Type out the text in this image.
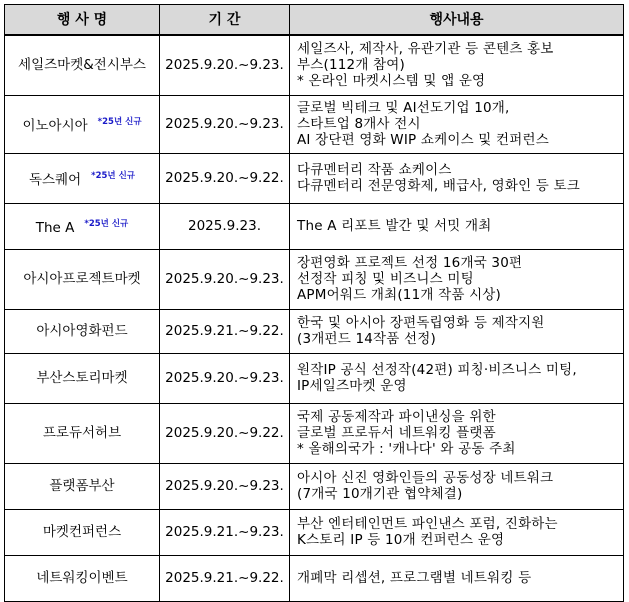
행 사 명	기 간	행사내용
세일즈마켓&전시부스	2025.9.20.~9.23.	세일즈사, 제작사, 유관기관 등 콘텐츠 홍보
부스(112개 참여)
* 온라인 마켓시스템 및 앱 운영

이노아시아 $^{*25년 신규}$	2025.9.20.~9.23.	글로벌 빅테크 및 AI선도기업 10개,
스타트업 8개사 전시
AI 장단편 영화 WIP 쇼케이스 및 컨퍼런스

독스퀘어 $^{*25년 신규}$	2025.9.20.~9.22.	다큐멘터리 작품 쇼케이스
다큐멘터리 전문영화제, 배급사, 영화인 등 토크

The A $^{*25년 신규}$	2025.9.23.	The A 리포트 발간 및 서밋 개최

아시아프로젝트마켓	2025.9.20.~9.23.	장편영화 프로젝트 선정 16개국 30편
선정작 피칭 및 비즈니스 미팅
APM어워드 개최(11개 작품 시상)

아시아영화펀드	2025.9.21.~9.22.	한국 및 아시아 장편독립영화 등 제작지원
(3개펀드 14작품 선정)

부산스토리마켓	2025.9.20.~9.23.	원작IP 공식 선정작(42편) 피칭·비즈니스 미팅,
IP세일즈마켓 운영

프로듀서허브	2025.9.20.~9.22.	국제 공동제작과 파이낸싱을 위한
글로벌 프로듀서 네트워킹 플랫폼
* 올해의국가 : '캐나다' 와 공동 주최

플랫폼부산	2025.9.20.~9.23.	아시아 신진 영화인들의 공동성장 네트워크
(7개국 10개기관 협약체결)

마켓컨퍼런스	2025.9.21.~9.23.	부산 엔터테인먼트 파인낸스 포럼, 진화하는
K스토리 IP 등 10개 컨퍼런스 운영

네트워킹이벤트	2025.9.21.~9.22.	개폐막 리셉션, 프로그램별 네트워킹 등
